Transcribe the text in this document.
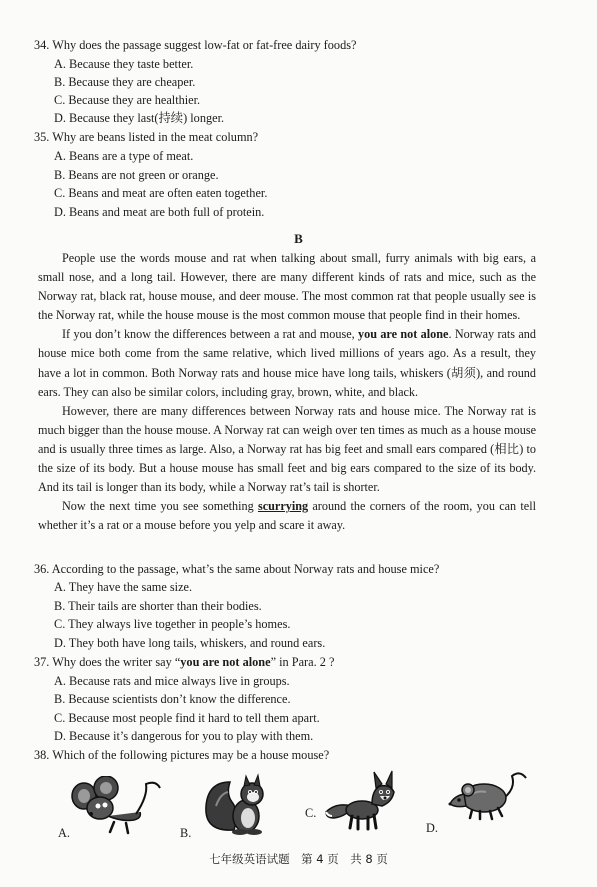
34. Why does the passage suggest low-fat or fat-free dairy foods?
A. Because they taste better.
B. Because they are cheaper.
C. Because they are healthier.
D. Because they last(持续) longer.
35. Why are beans listed in the meat column?
A. Beans are a type of meat.
B. Beans are not green or orange.
C. Beans and meat are often eaten together.
D. Beans and meat are both full of protein.
B

People use the words mouse and rat when talking about small, furry animals with big ears, a small nose, and a long tail. However, there are many different kinds of rats and mice, such as the Norway rat, black rat, house mouse, and deer mouse. The most common rat that people usually see is the Norway rat, while the house mouse is the most common mouse that people find in their homes.

If you don’t know the differences between a rat and mouse, you are not alone. Norway rats and house mice both come from the same relative, which lived millions of years ago. As a result, they have a lot in common. Both Norway rats and house mice have long tails, whiskers (胡须), and round ears. They can also be similar colors, including gray, brown, white, and black.

However, there are many differences between Norway rats and house mice. The Norway rat is much bigger than the house mouse. A Norway rat can weigh over ten times as much as a house mouse and is usually three times as large. Also, a Norway rat has big feet and small ears compared (相比) to the size of its body. But a house mouse has small feet and big ears compared to the size of its body. And its tail is longer than its body, while a Norway rat’s tail is shorter.

Now the next time you see something scurrying around the corners of the room, you can tell whether it’s a rat or a mouse before you yelp and scare it away.

36. According to the passage, what’s the same about Norway rats and house mice?
A. They have the same size.
B. Their tails are shorter than their bodies.
C. They always live together in people’s homes.
D. They both have long tails, whiskers, and round ears.
37. Why does the writer say “you are not alone” in Para. 2 ?
A. Because rats and mice always live in groups.
B. Because scientists don’t know the difference.
C. Because most people find it hard to tell them apart.
D. Because it’s dangerous for you to play with them.
38. Which of the following pictures may be a house mouse?
A.	B.
C.
D.
七年级英语试题　第 4 页　共 8 页
